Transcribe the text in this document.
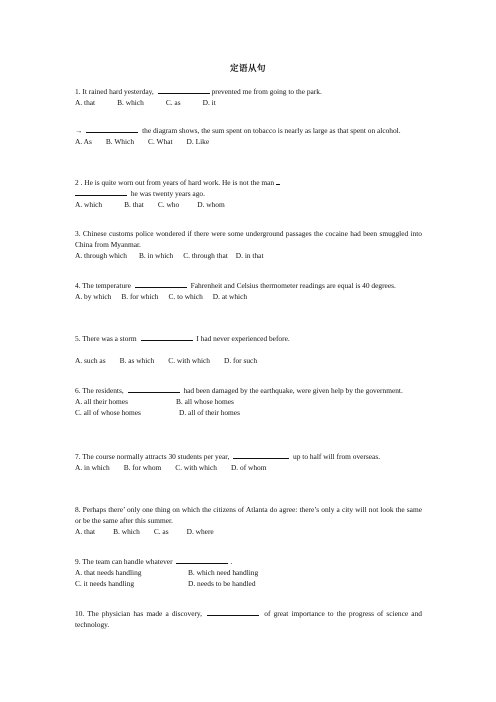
定语从句

1. It rained hard yesterday,	prevented me from going to the park.

A. that	B. which	C. as	D. it

→	the diagram shows, the sum spent on tobacco is nearly as large as that spent on alcohol.

A. As B. Which C. What D. Like

2 . He is quite worn out from years of hard work. He is not the man

he was twenty years ago.

A. which	B. that C. who D. whom

3. Chinese customs police wondered if there were some underground passages the cocaine had been smuggled into China from Myanmar.

A. through which B. in which C. through that D. in that

4. The temperature	Fahrenheit and Celsius thermometer readings are equal is 40 degrees.

A. by which B. for which C. to which D. at which

5. There was a storm	I had never experienced before.

A. such as B. as which C. with which D. for such

6. The residents,	had been damaged by the earthquake, were given help by the government.

A. all their homes	B. all whose homes

C. all of whose homes	D. all of their homes

7. The course normally attracts 30 students per year,	up to half will from overseas.

A. in which B. for whom C. with which D. of whom

8. Perhaps there’ only one thing on which the citizens of Atlanta do agree: there’s only a city will not look the same or be the same after this summer.

A. that B. which C. as D. where

9. The team can handle whatever	.

A. that needs handling	B. which need handling

C. it needs handling	D. needs to be handled

10. The physician has made a discovery,	of great importance to the progress of science and technology.
